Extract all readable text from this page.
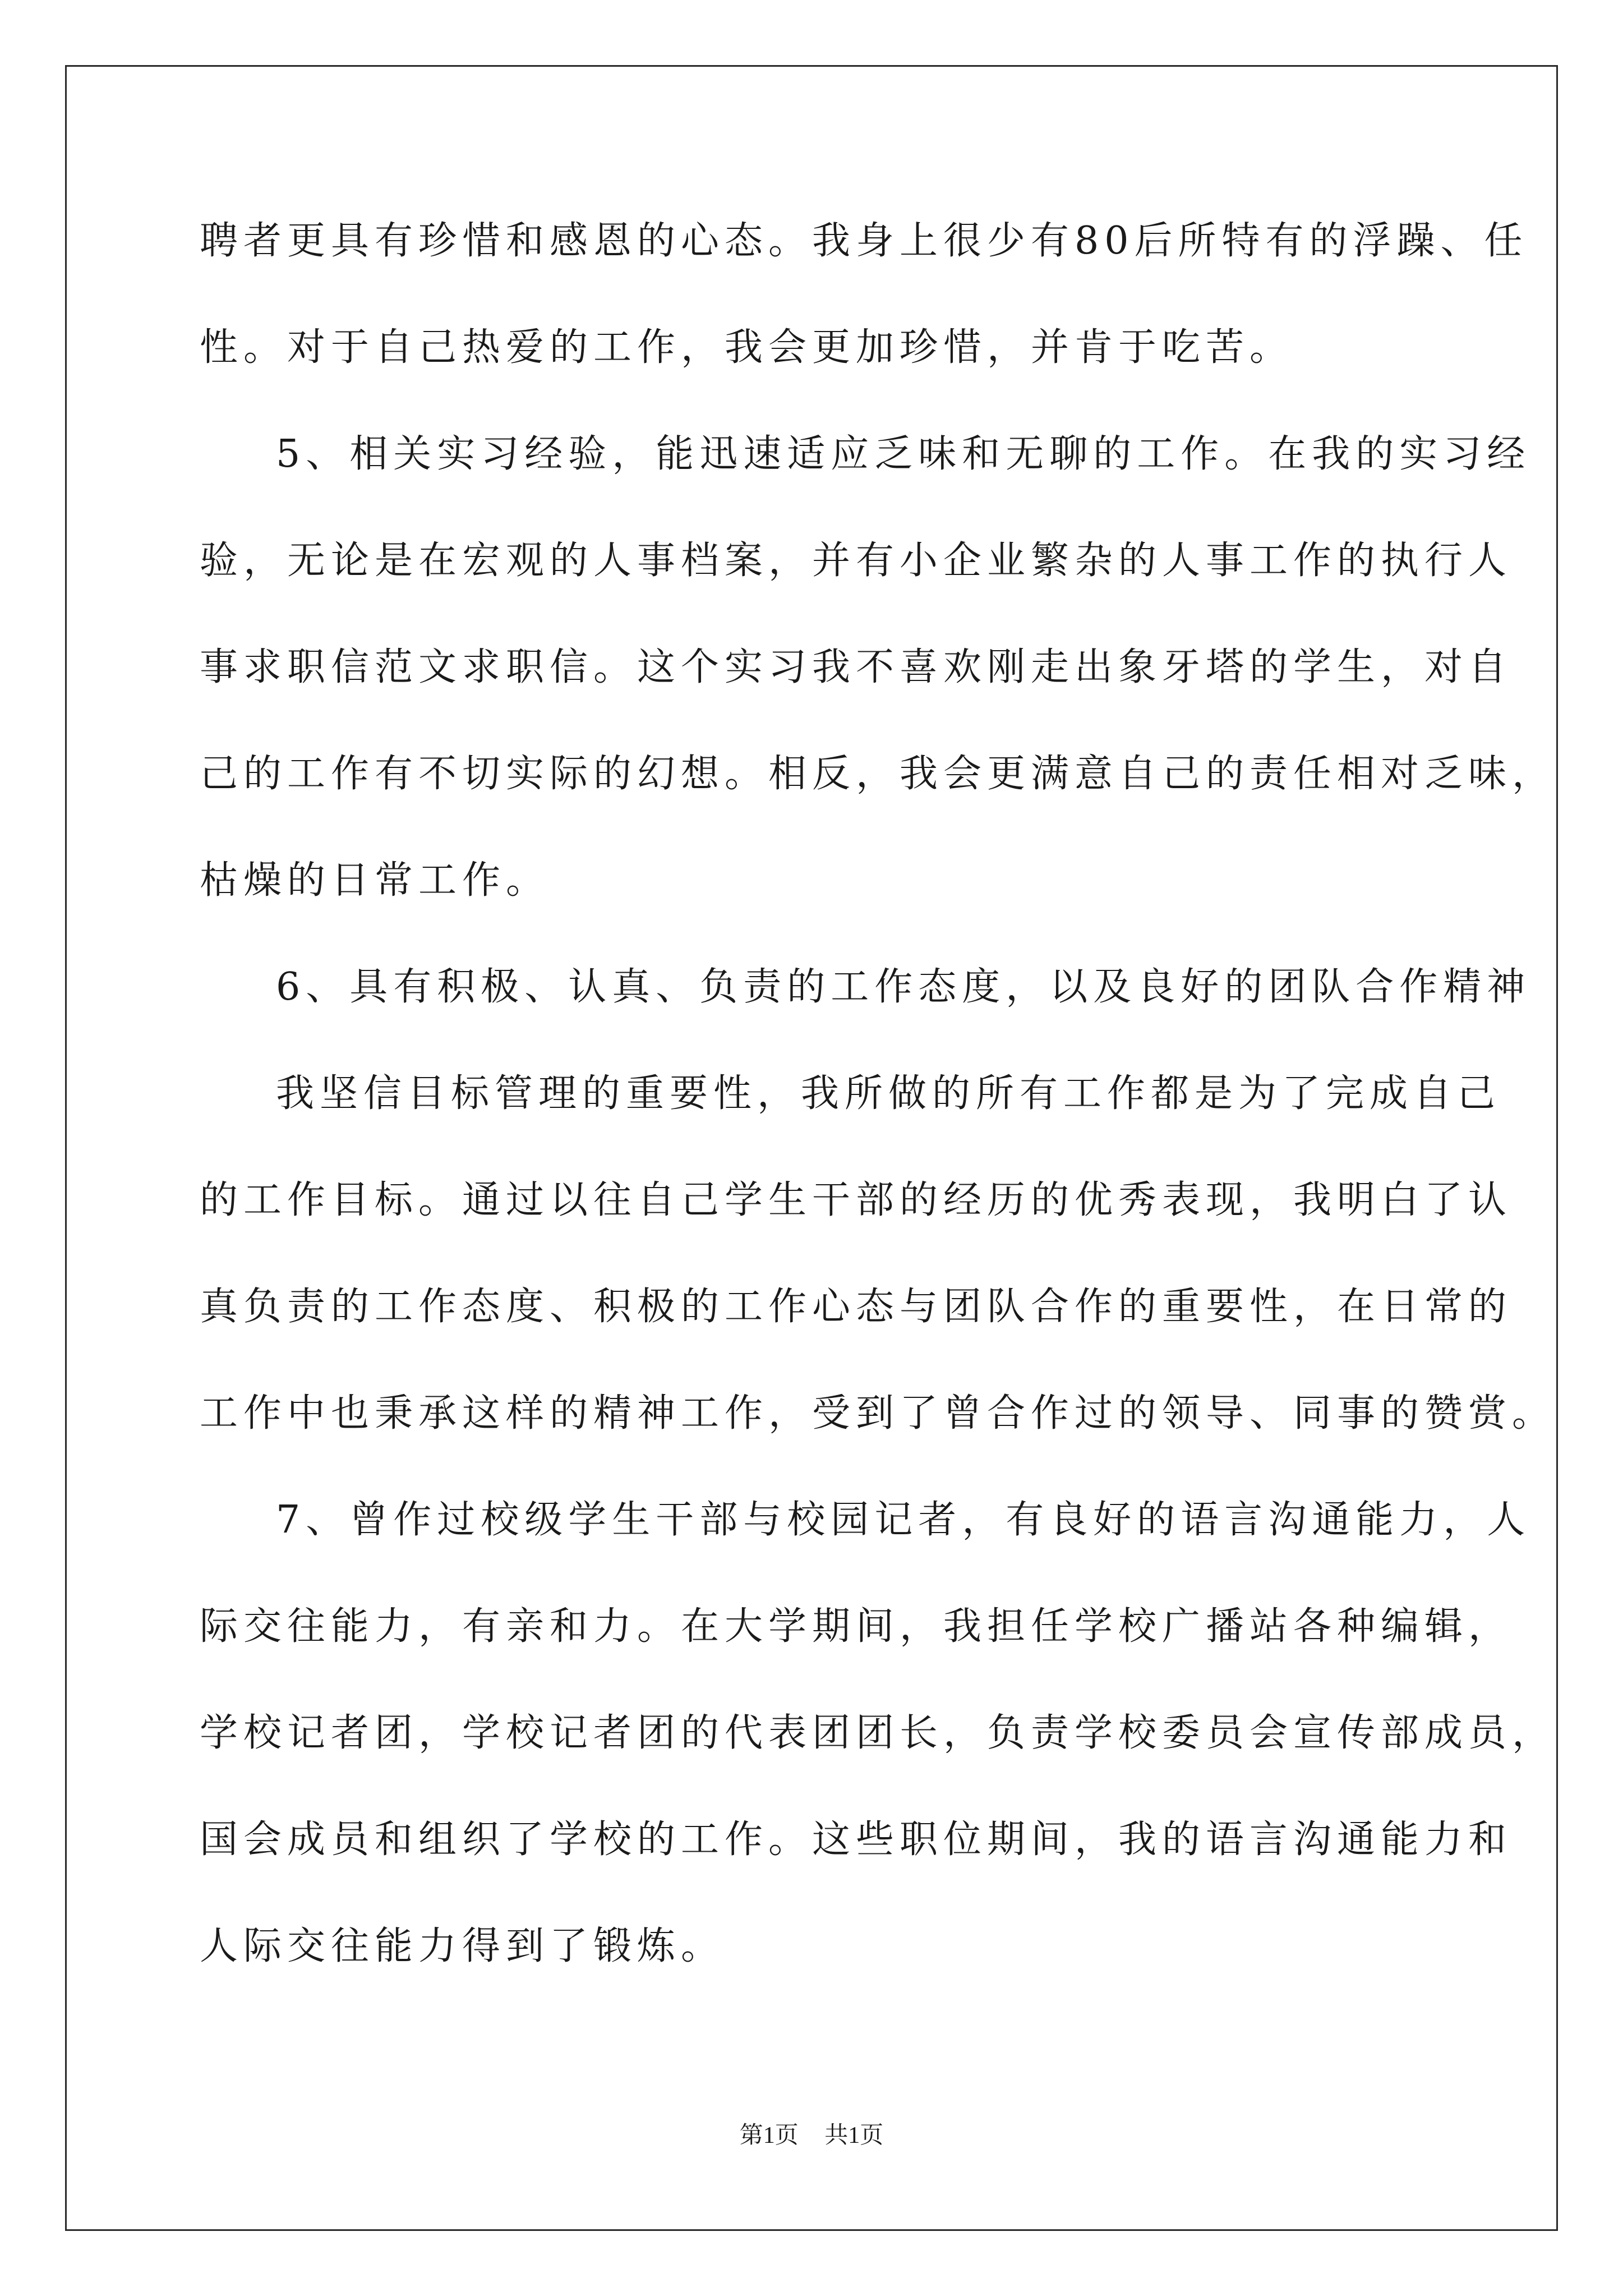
聘者更具有珍惜和感恩的心态。我身上很少有80后所特有的浮躁、任
性。对于自己热爱的工作，我会更加珍惜，并肯于吃苦。
5、相关实习经验，能迅速适应乏味和无聊的工作。在我的实习经
验，无论是在宏观的人事档案，并有小企业繁杂的人事工作的执行人
事求职信范文求职信。这个实习我不喜欢刚走出象牙塔的学生，对自
己的工作有不切实际的幻想。相反，我会更满意自己的责任相对乏味，
枯燥的日常工作。
6、具有积极、认真、负责的工作态度，以及良好的团队合作精神
我坚信目标管理的重要性，我所做的所有工作都是为了完成自己
的工作目标。通过以往自己学生干部的经历的优秀表现，我明白了认
真负责的工作态度、积极的工作心态与团队合作的重要性，在日常的
工作中也秉承这样的精神工作，受到了曾合作过的领导、同事的赞赏。
7、曾作过校级学生干部与校园记者，有良好的语言沟通能力，人
际交往能力，有亲和力。在大学期间，我担任学校广播站各种编辑，
学校记者团，学校记者团的代表团团长，负责学校委员会宣传部成员，
国会成员和组织了学校的工作。这些职位期间，我的语言沟通能力和
人际交往能力得到了锻炼。
第1页 共1页
